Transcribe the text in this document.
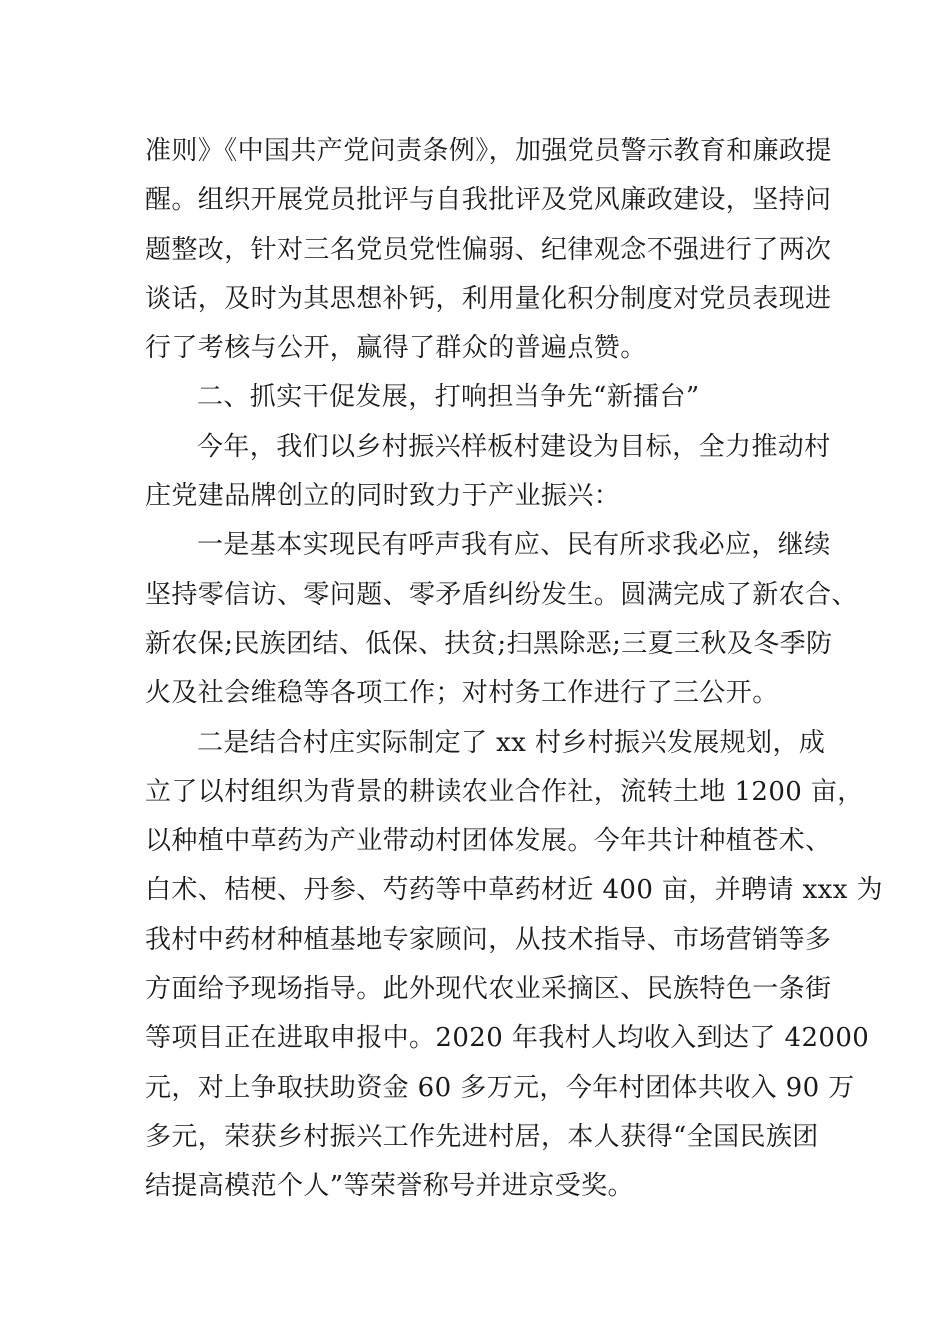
准则》《中国共产党问责条例》，加强党员警示教育和廉政提
醒。组织开展党员批评与自我批评及党风廉政建设，坚持问
题整改，针对三名党员党性偏弱、纪律观念不强进行了两次
谈话，及时为其思想补钙，利用量化积分制度对党员表现进
行了考核与公开，赢得了群众的普遍点赞。

二、抓实干促发展，打响担当争先“新擂台”

今年，我们以乡村振兴样板村建设为目标，全力推动村
庄党建品牌创立的同时致力于产业振兴：

一是基本实现民有呼声我有应、民有所求我必应，继续
坚持零信访、零问题、零矛盾纠纷发生。圆满完成了新农合、
新农保;民族团结、低保、扶贫;扫黑除恶;三夏三秋及冬季防
火及社会维稳等各项工作；对村务工作进行了三公开。

二是结合村庄实际制定了 xx 村乡村振兴发展规划，成
立了以村组织为背景的耕读农业合作社，流转土地 1200 亩，
以种植中草药为产业带动村团体发展。今年共计种植苍术、
白术、桔梗、丹参、芍药等中草药材近 400 亩，并聘请 xxx 为
我村中药材种植基地专家顾问，从技术指导、市场营销等多
方面给予现场指导。此外现代农业采摘区、民族特色一条街
等项目正在进取申报中。2020 年我村人均收入到达了 42000
元，对上争取扶助资金 60 多万元，今年村团体共收入 90 万
多元，荣获乡村振兴工作先进村居，本人获得“全国民族团
结提高模范个人”等荣誉称号并进京受奖。
